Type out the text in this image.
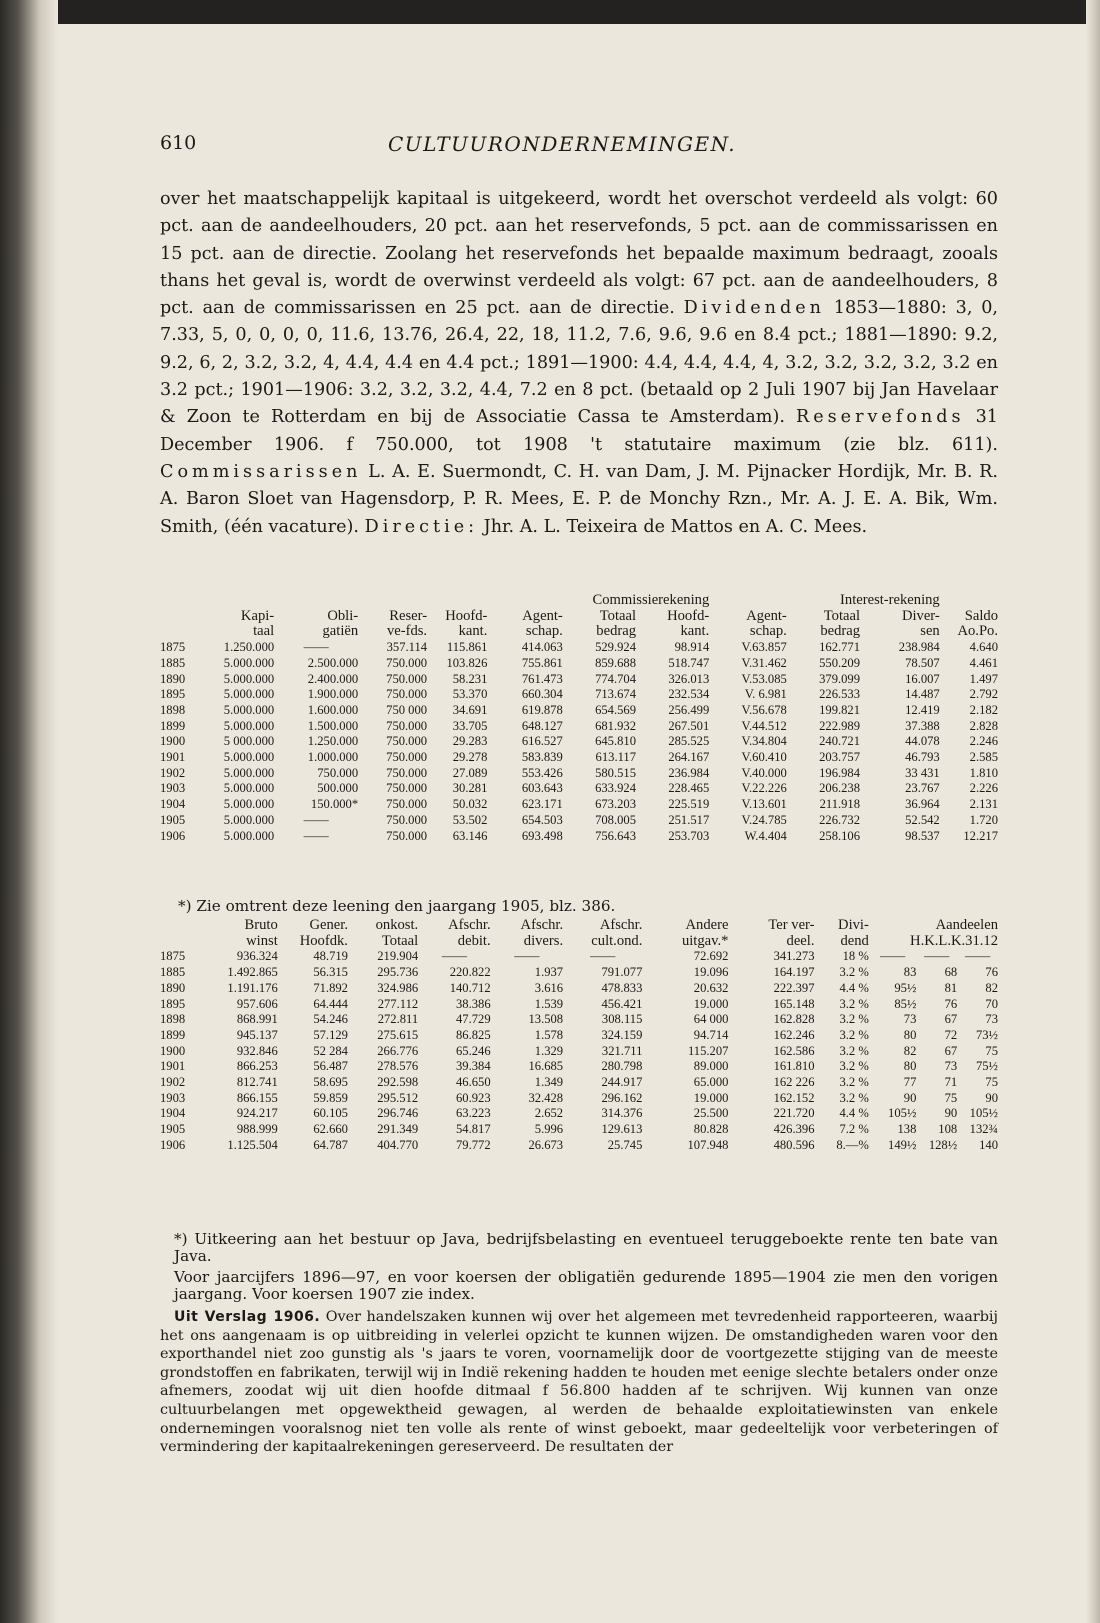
610	CULTUURONDERNEMINGEN.
over het maatschappelijk kapitaal is uitgekeerd, wordt het overschot verdeeld als volgt: 60 pct. aan de aandeelhouders, 20 pct. aan het reservefonds, 5 pct. aan de commissarissen en 15 pct. aan de directie. Zoolang het reservefonds het bepaalde maximum bedraagt, zooals thans het geval is, wordt de overwinst verdeeld als volgt: 67 pct. aan de aandeelhouders, 8 pct. aan de commissarissen en 25 pct. aan de directie. Dividenden 1853—1880: 3, 0, 7.33, 5, 0, 0, 0, 0, 11.6, 13.76, 26.4, 22, 18, 11.2, 7.6, 9.6, 9.6 en 8.4 pct.; 1881—1890: 9.2, 9.2, 6, 2, 3.2, 3.2, 4, 4.4, 4.4 en 4.4 pct.; 1891—1900: 4.4, 4.4, 4.4, 4, 3.2, 3.2, 3.2, 3.2, 3.2 en 3.2 pct.; 1901—1906: 3.2, 3.2, 3.2, 4.4, 7.2 en 8 pct. (betaald op 2 Juli 1907 bij Jan Havelaar & Zoon te Rotterdam en bij de Associatie Cassa te Amsterdam). Reservefonds 31 December 1906. f 750.000, tot 1908 't statutaire maximum (zie blz. 611). Commissarissen L. A. E. Suermondt, C. H. van Dam, J. M. Pijnacker Hordijk, Mr. B. R. A. Baron Sloet van Hagensdorp, P. R. Mees, E. P. de Monchy Rzn., Mr. A. J. E. A. Bik, Wm. Smith, (één vacature). Directie: Jhr. A. L. Teixeira de Mattos en A. C. Mees.
					Commissierekening			Interest-rekening			
	Kapi-	Obli-	Reser-	Hoofd-	Agent-	Totaal	Hoofd-	Agent-	Totaal	Diver-	Saldo
	taal	gatiën	ve-fds.	kant.	schap.	bedrag	kant.	schap.	bedrag	sen	Ao.Po.
1875	1.250.000	——	357.114	115.861	414.063	529.924	98.914	V.63.857	162.771	238.984	4.640
1885	5.000.000	2.500.000	750.000	103.826	755.861	859.688	518.747	V.31.462	550.209	78.507	4.461
1890	5.000.000	2.400.000	750.000	58.231	761.473	774.704	326.013	V.53.085	379.099	16.007	1.497
1895	5.000.000	1.900.000	750.000	53.370	660.304	713.674	232.534	V. 6.981	226.533	14.487	2.792
1898	5.000.000	1.600.000	750 000	34.691	619.878	654.569	256.499	V.56.678	199.821	12.419	2.182
1899	5.000.000	1.500.000	750.000	33.705	648.127	681.932	267.501	V.44.512	222.989	37.388	2.828
1900	5 000.000	1.250.000	750.000	29.283	616.527	645.810	285.525	V.34.804	240.721	44.078	2.246
1901	5.000.000	1.000.000	750.000	29.278	583.839	613.117	264.167	V.60.410	203.757	46.793	2.585
1902	5.000.000	750.000	750.000	27.089	553.426	580.515	236.984	V.40.000	196.984	33 431	1.810
1903	5.000.000	500.000	750.000	30.281	603.643	633.924	228.465	V.22.226	206.238	23.767	2.226
1904	5.000.000	150.000*	750.000	50.032	623.171	673.203	225.519	V.13.601	211.918	36.964	2.131
1905	5.000.000	——	750.000	53.502	654.503	708.005	251.517	V.24.785	226.732	52.542	1.720
1906	5.000.000	——	750.000	63.146	693.498	756.643	253.703	W.4.404	258.106	98.537	12.217
*) Zie omtrent deze leening den jaargang 1905, blz. 386.
	Bruto	Gener.	onkost.	Afschr.	Afschr.	Afschr.	Andere	Ter ver-	Divi-	Aandeelen		
	winst	Hoofdk.	Totaal	debit.	divers.	cult.ond.	uitgav.*	deel.	dend	H.K.L.K.31.12		
1875	936.324	48.719	219.904	——	——	——	72.692	341.273	18 %	——	——	——
1885	1.492.865	56.315	295.736	220.822	1.937	791.077	19.096	164.197	3.2 %	83	68	76
1890	1.191.176	71.892	324.986	140.712	3.616	478.833	20.632	222.397	4.4 %	95½	81	82
1895	957.606	64.444	277.112	38.386	1.539	456.421	19.000	165.148	3.2 %	85½	76	70
1898	868.991	54.246	272.811	47.729	13.508	308.115	64 000	162.828	3.2 %	73	67	73
1899	945.137	57.129	275.615	86.825	1.578	324.159	94.714	162.246	3.2 %	80	72	73½
1900	932.846	52 284	266.776	65.246	1.329	321.711	115.207	162.586	3.2 %	82	67	75
1901	866.253	56.487	278.576	39.384	16.685	280.798	89.000	161.810	3.2 %	80	73	75½
1902	812.741	58.695	292.598	46.650	1.349	244.917	65.000	162 226	3.2 %	77	71	75
1903	866.155	59.859	295.512	60.923	32.428	296.162	19.000	162.152	3.2 %	90	75	90
1904	924.217	60.105	296.746	63.223	2.652	314.376	25.500	221.720	4.4 %	105½	90	105½
1905	988.999	62.660	291.349	54.817	5.996	129.613	80.828	426.396	7.2 %	138	108	132¾
1906	1.125.504	64.787	404.770	79.772	26.673	25.745	107.948	480.596	8.—%	149½	128½	140
*) Uitkeering aan het bestuur op Java, bedrijfsbelasting en eventueel teruggeboekte rente ten bate van Java.
Voor jaarcijfers 1896—97, en voor koersen der obligatiën gedurende 1895—1904 zie men den vorigen jaargang. Voor koersen 1907 zie index.
Uit Verslag 1906. Over handelszaken kunnen wij over het algemeen met tevredenheid rapporteeren, waarbij het ons aangenaam is op uitbreiding in velerlei opzicht te kunnen wijzen. De omstandigheden waren voor den exporthandel niet zoo gunstig als 's jaars te voren, voornamelijk door de voortgezette stijging van de meeste grondstoffen en fabrikaten, terwijl wij in Indië rekening hadden te houden met eenige slechte betalers onder onze afnemers, zoodat wij uit dien hoofde ditmaal f 56.800 hadden af te schrijven. Wij kunnen van onze cultuurbelangen met opgewektheid gewagen, al werden de behaalde exploitatiewinsten van enkele ondernemingen vooralsnog niet ten volle als rente of winst geboekt, maar gedeeltelijk voor verbeteringen of vermindering der kapitaalrekeningen gereserveerd. De resultaten der
